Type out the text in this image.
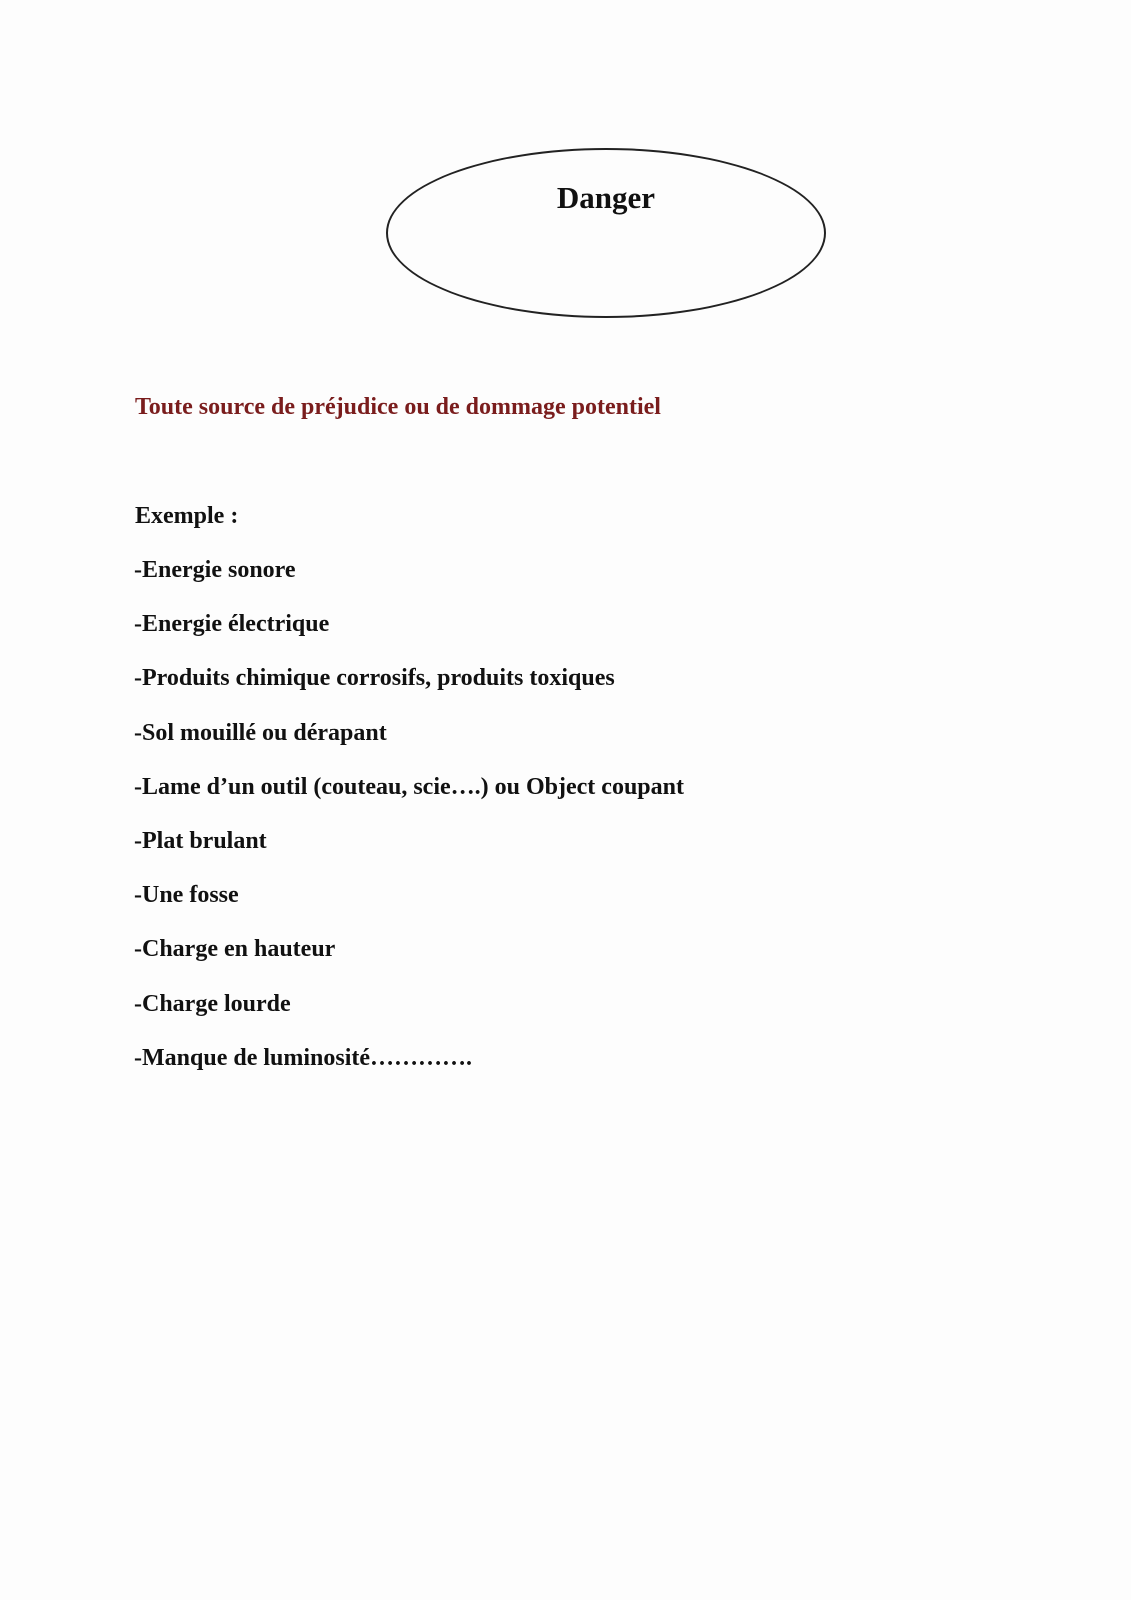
Danger
Toute source de préjudice ou de dommage potentiel
Exemple :
-Energie sonore
-Energie électrique
-Produits chimique corrosifs, produits toxiques
-Sol mouillé ou dérapant
-Lame d’un outil (couteau, scie….) ou Object coupant
-Plat brulant
-Une fosse
-Charge en hauteur
-Charge lourde
-Manque de luminosité………….
